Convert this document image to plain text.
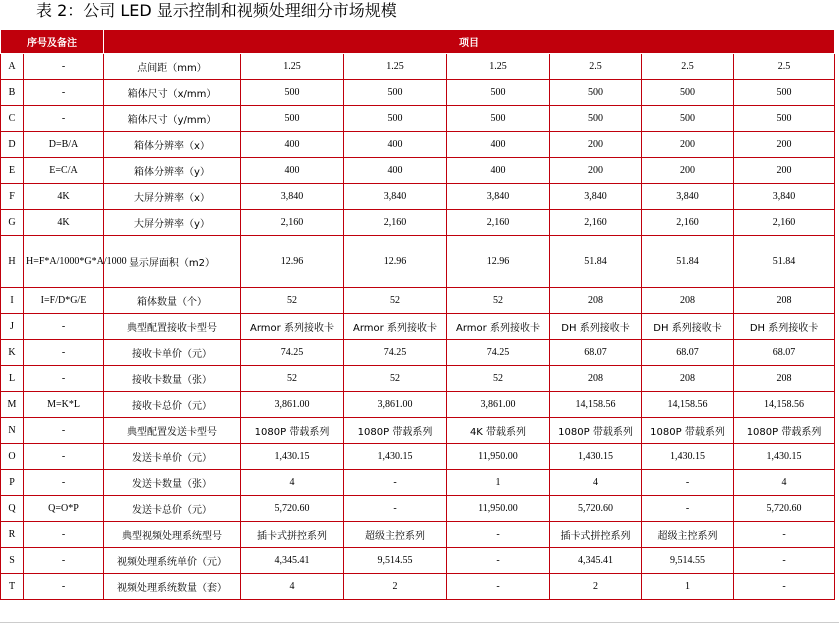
表 2：公司 LED 显示控制和视频处理细分市场规模
序号及备注		项目						
A	-	点间距（mm）	1.25	1.25	1.25	2.5	2.5	2.5
B	-	箱体尺寸（x/mm）	500	500	500	500	500	500
C	-	箱体尺寸（y/mm）	500	500	500	500	500	500
D	D=B/A	箱体分辨率（x）	400	400	400	200	200	200
E	E=C/A	箱体分辨率（y）	400	400	400	200	200	200
F	4K	大屏分辨率（x）	3,840	3,840	3,840	3,840	3,840	3,840
G	4K	大屏分辨率（y）	2,160	2,160	2,160	2,160	2,160	2,160
H	H=F*A/1000*G*A/1000	显示屏面积（m2）	12.96	12.96	12.96	51.84	51.84	51.84
I	I=F/D*G/E	箱体数量（个）	52	52	52	208	208	208
J	-	典型配置接收卡型号	Armor 系列接收卡	Armor 系列接收卡	Armor 系列接收卡	DH 系列接收卡	DH 系列接收卡	DH 系列接收卡
K	-	接收卡单价（元）	74.25	74.25	74.25	68.07	68.07	68.07
L	-	接收卡数量（张）	52	52	52	208	208	208
M	M=K*L	接收卡总价（元）	3,861.00	3,861.00	3,861.00	14,158.56	14,158.56	14,158.56
N	-	典型配置发送卡型号	1080P 带载系列	1080P 带载系列	4K 带载系列	1080P 带载系列	1080P 带载系列	1080P 带载系列
O	-	发送卡单价（元）	1,430.15	1,430.15	11,950.00	1,430.15	1,430.15	1,430.15
P	-	发送卡数量（张）	4	-	1	4	-	4
Q	Q=O*P	发送卡总价（元）	5,720.60	-	11,950.00	5,720.60	-	5,720.60
R	-	典型视频处理系统型号	插卡式拼控系列	超级主控系列	-	插卡式拼控系列	超级主控系列	-
S	-	视频处理系统单价（元）	4,345.41	9,514.55	-	4,345.41	9,514.55	-
T	-	视频处理系统数量（套）	4	2	-	2	1	-
